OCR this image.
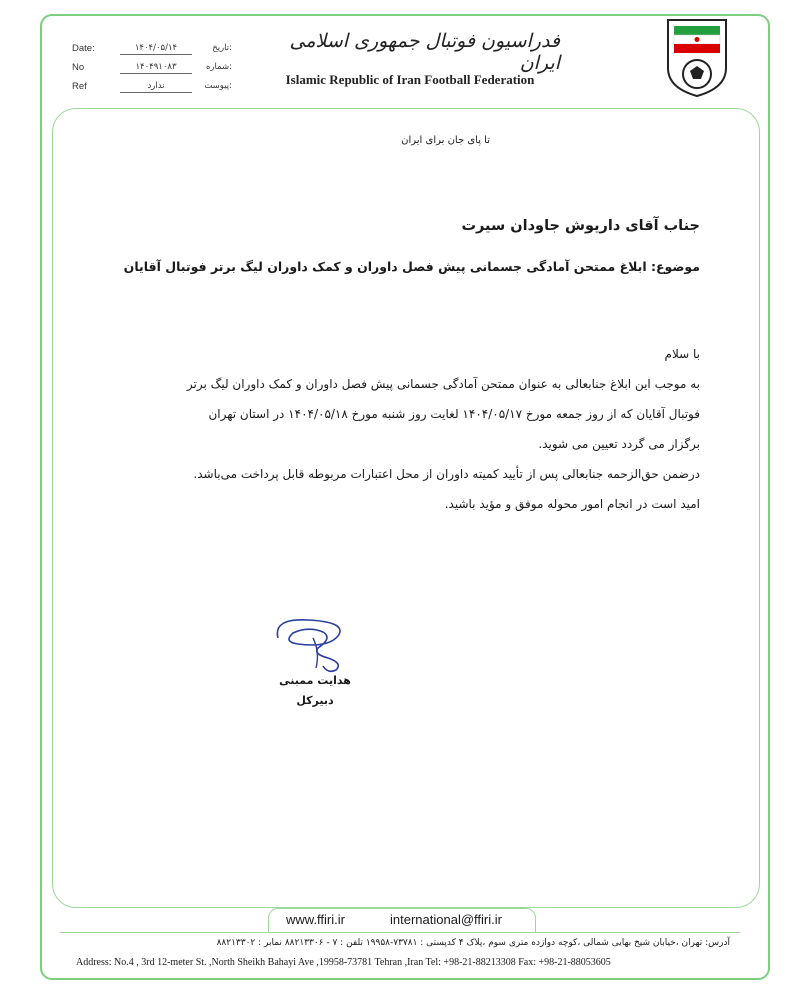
فدراسیون فوتبال جمهوری اسلامی ایران
Islamic Republic of Iran Football Federation
Date:	۱۴۰۴/۰۵/۱۴	تاریخ:
No	۱۴۰۴۹۱۰۸۳	شماره:
Ref	ندارد	پیوست:
تا پای جان برای ایران
جناب آقای داریوش جاودان سیرت
موضوع: ابلاغ ممتحن آمادگی جسمانی پیش فصل داوران و کمک داوران لیگ برتر فوتبال آقایان
با سلام
به موجب این ابلاغ جنابعالی به عنوان ممتحن آمادگی جسمانی پیش فصل داوران و کمک داوران لیگ برتر
فوتبال آقایان که از روز جمعه مورخ ۱۴۰۴/۰۵/۱۷ لغایت روز شنبه مورخ ۱۴۰۴/۰۵/۱۸ در استان تهران
برگزار می گردد تعیین می شوید.
درضمن حق‌الزحمه جنابعالی پس از تأیید کمیته داوران از محل اعتبارات مربوطه قابل پرداخت می‌باشد.
امید است در انجام امور محوله موفق و مؤید باشید.
هدایت ممبنی
دبیرکل
www.ffiri.ir	international@ffiri.ir
آدرس: تهران ،خیابان شیخ بهایی شمالی ،کوچه دوازده متری سوم ،پلاک ۴ کدپستی : ۷۳۷۸۱-۱۹۹۵۸ تلفن : ۷ - ۸۸۲۱۳۳۰۶ نمابر : ۸۸۲۱۳۳۰۲
Address: No.4 , 3rd 12-meter St. ,North Sheikh Bahayi Ave ,19958-73781 Tehran ,Iran Tel: +98-21-88213308 Fax: +98-21-88053605
